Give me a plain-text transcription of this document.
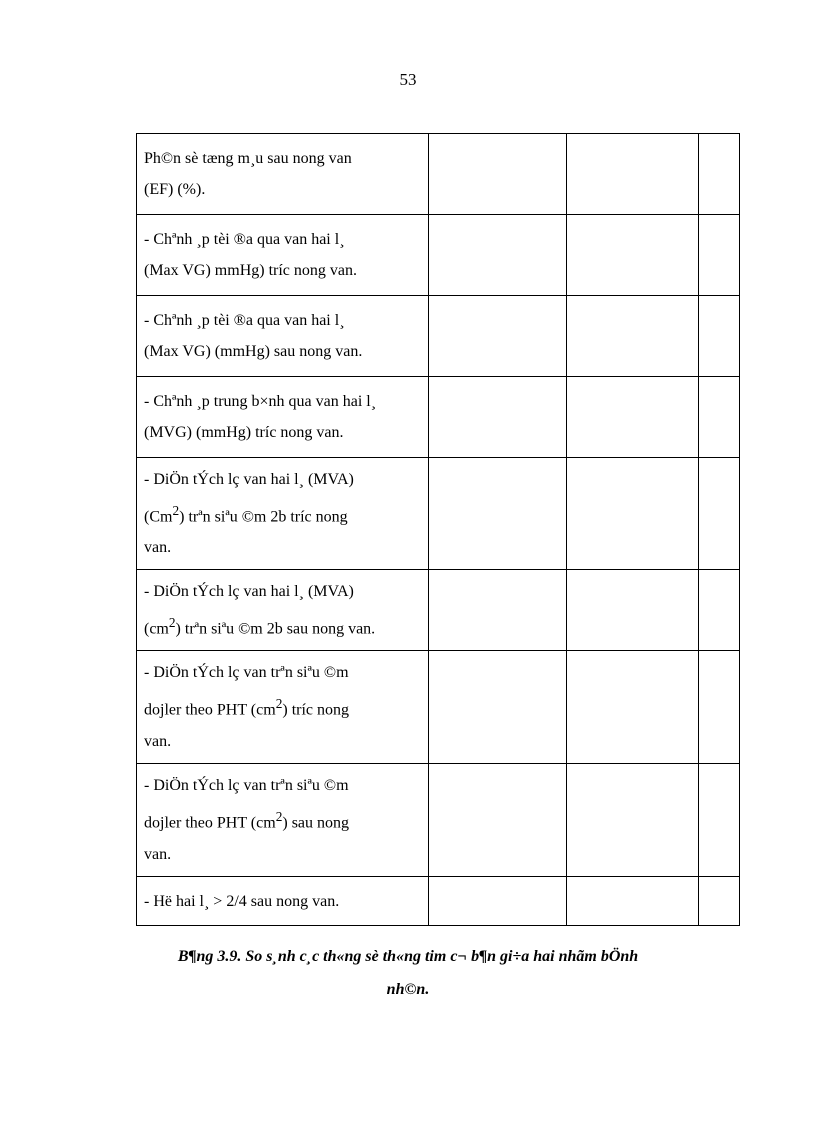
53
Ph©n sè tæng m¸u sau nong van
(EF) (%).			

- Chªnh ¸p tèi ®a qua van hai l¸
(Max VG) mmHg) tríc nong van.			

- Chªnh ¸p tèi ®a qua van hai l¸
(Max VG) (mmHg) sau nong van.			

- Chªnh ¸p trung b×nh qua van hai l¸
(MVG) (mmHg) tríc nong van.			

- DiÖn tÝch lç van hai l¸ (MVA)
(Cm$^2$) trªn siªu ©m 2b tríc nong
van.			

- DiÖn tÝch lç van hai l¸ (MVA)
$(cm^2)$ trªn siªu ©m 2b sau nong van.			

- DiÖn tÝch lç van trªn siªu ©m
dojler theo PHT $(cm^2)$ tríc nong
van.			

- DiÖn tÝch lç van trªn siªu ©m
dojler theo PHT $(cm^2)$ sau nong
van.			

- Hë hai l¸ > 2/4 sau nong van.			

B¶ng 3.9. So s¸nh c¸c th«ng sè th«ng tim c¬ b¶n gi÷a hai nhãm bÖnh
nh©n.
